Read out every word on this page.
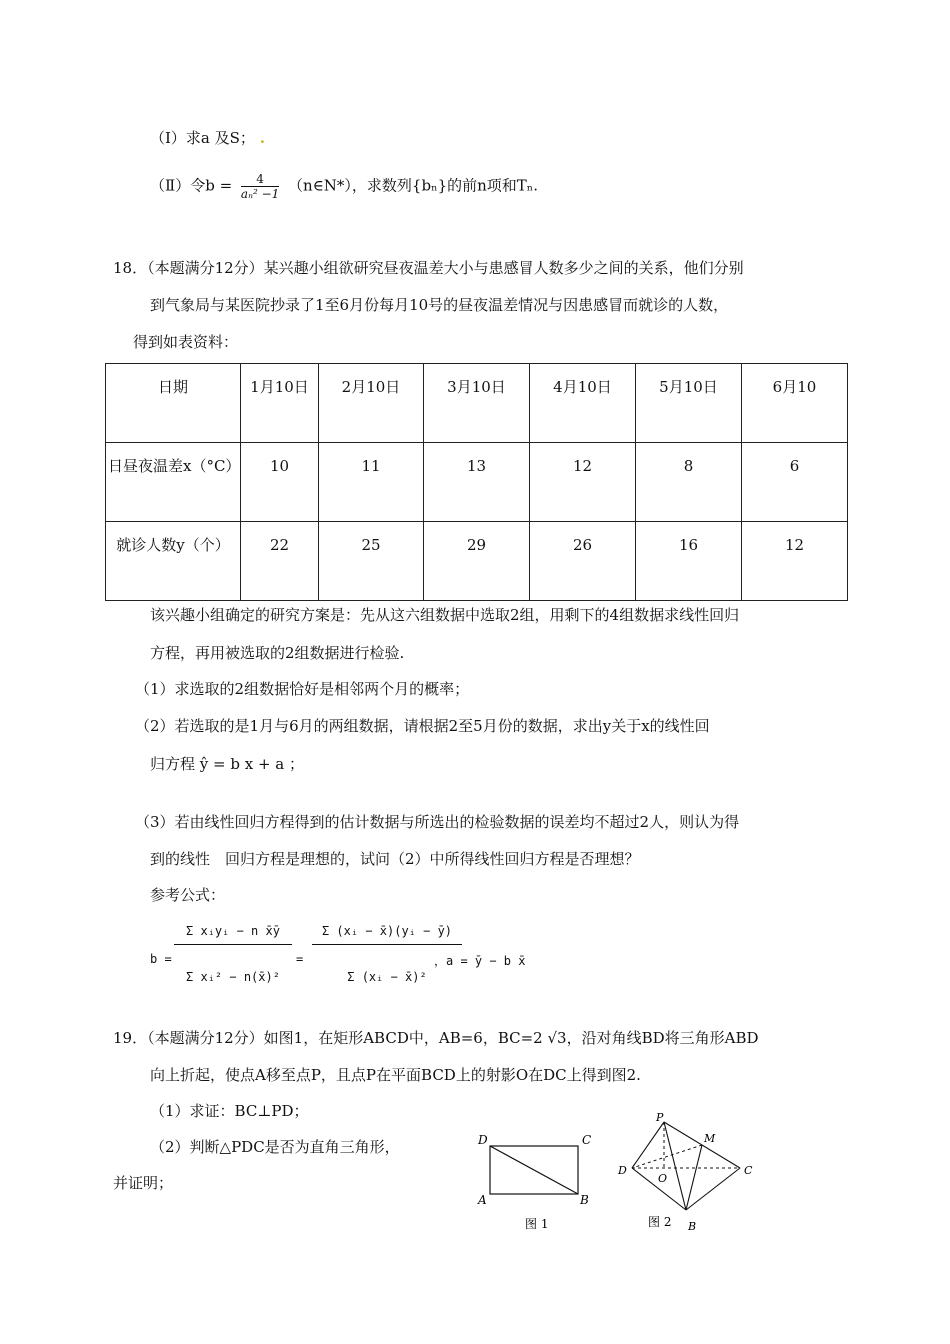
（Ⅰ）求a 及S； .
（Ⅱ）令$b = \frac{4}{\text{aₙ² −1}}$ （n∈N*），求数列{bₙ}的前n项和Tₙ.
18．（本题满分12分）某兴趣小组欲研究昼夜温差大小与患感冒人数多少之间的关系，他们分别
到气象局与某医院抄录了1至6月份每月10号的昼夜温差情况与因患感冒而就诊的人数，
得到如表资料：
日期	1月10日	2月10日	3月10日	4月10日	5月10日	6月10
日昼夜温差x（°C）	10	11	13	12	8	6
就诊人数y（个）	22	25	29	26	16	12
该兴趣小组确定的研究方案是：先从这六组数据中选取2组，用剩下的4组数据求线性回归
方程，再用被选取的2组数据进行检验.
（1）求选取的2组数据恰好是相邻两个月的概率；
（2）若选取的是1月与6月的两组数据，请根据2至5月份的数据，求出y关于x的线性回
归方程 ŷ = b x + a ；
（3）若由线性回归方程得到的估计数据与所选出的检验数据的误差均不超过2人，则认为得
到的线性　回归方程是理想的，试问（2）中所得线性回归方程是否理想？
参考公式：
b =
Σ xᵢyᵢ − n x̄ȳ
Σ xᵢ² − n(x̄)²
=
Σ (xᵢ − x̄)(yᵢ − ȳ)
Σ (xᵢ − x̄)²
，a = ȳ − b x̄
19．（本题满分12分）如图1，在矩形ABCD中，AB=6，BC=2 √3，沿对角线BD将三角形ABD
向上折起，使点A移至点P，且点P在平面BCD上的射影O在DC上得到图2.
（1）求证：BC⊥PD；
（2）判断△PDC是否为直角三角形，
并证明；
D	C
A	B
图 1
P
M
D
O
C
B
图 2
